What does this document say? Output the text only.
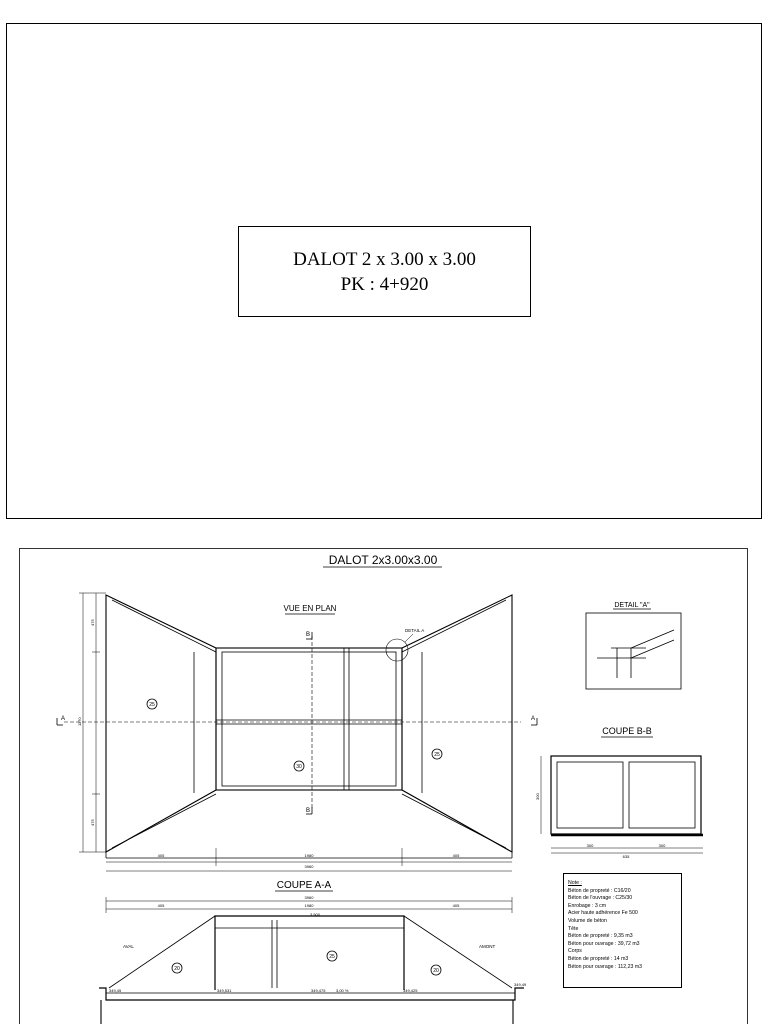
DALOT 2 x 3.00 x 3.00
PK : 4+920
DALOT 2x3.00x3.00
VUE EN PLAN
A	A
B
B
25
30
25
DETAIL A
1170
475
475
405	1980	405
3960
DETAIL "A"
COUPE B-B
300
300	300
635
COUPE A-A
3960
405	1980	405
AVAL	AMONT
20
25
20
349,45	349,531	349,475	3,00 %	349,425
349,49
3,500
Note :
Béton de propreté : C16/20
Béton de l'ouvrage : C25/30
Enrobage : 3 cm
Acier haute adhérence Fe 500
Volume de béton
Tête
Béton de propreté : 9,35 m3
Béton pour ouvrage : 39,72 m3
Corps
Béton de propreté : 14 m3
Béton pour ouvrage : 112,23 m3
